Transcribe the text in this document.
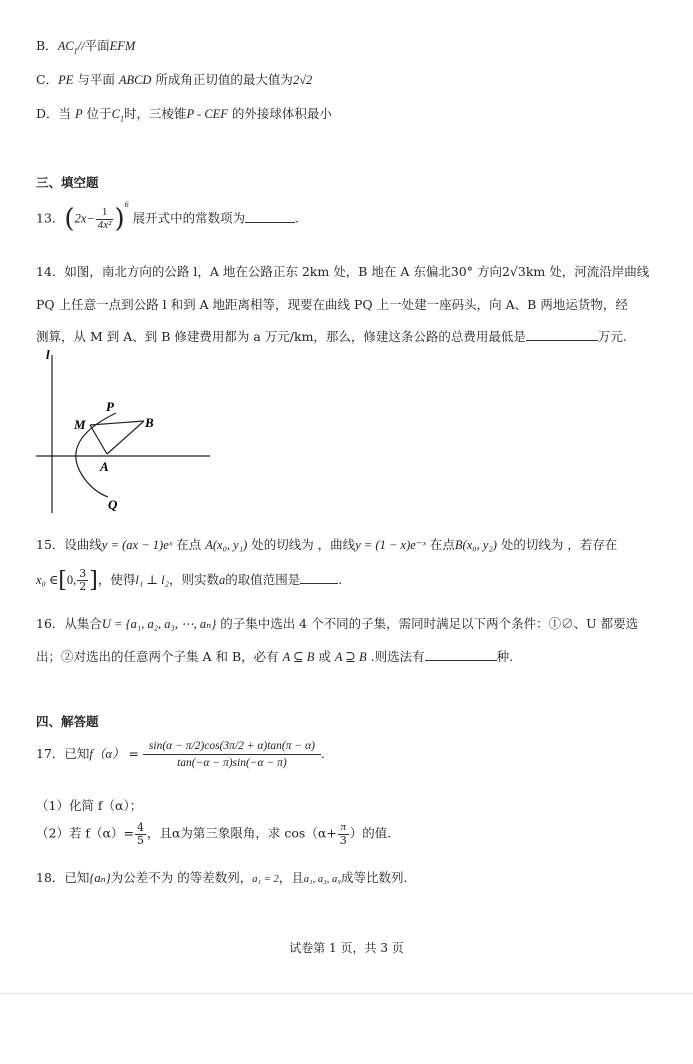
B．$AC_1//$平面EFM
C．PE 与平面 ABCD 所成角正切值的最大值为2√2
D．当 P 位于$C_1$时，三棱锥P - CEF 的外接球体积最小
三、填空题
13．$(2x- \frac{1}{\text{4x²}} )^6$ 展开式中的常数项为	.
14．如图，南北方向的公路 l，A 地在公路正东 2km 处，B 地在 A 东偏北30° 方向2√3km 处，河流沿岸曲线
PQ 上任意一点到公路 l 和到 A 地距离相等，现要在曲线 PQ 上一处建一座码头，向 A、B 两地运货物，经
测算，从 M 到 A、到 B 修建费用都为 a 万元/km，那么，修建这条公路的总费用最低是	万元.
l
P
M	B
A
Q
15．设曲线y = (ax − 1)eˣ 在点 A(x₀, y₁) 处的切线为 ，曲线y = (1 − x)e⁻ˣ 在点B(x₀, y₂) 处的切线为 ，若存在
x₀ ∈[0, $\frac{3}{2}$ ]，使得l₁ ⊥ l₂，则实数a的取值范围是	.
16．从集合U = {a₁, a₂, a₃, ⋯, aₙ} 的子集中选出 4 个不同的子集，需同时满足以下两个条件：①∅、U 都要选
出；②对选出的任意两个子集 A 和 B，必有 A ⊆ B 或 A ⊇ B .则选法有	种.
四、解答题
17．已知$f(\alpha) = \frac{\sin(\alpha - \pi/2)\cos(3\pi/2 + \alpha)\tan(\pi - \alpha)}{\tan(-\alpha - \pi)\sin(-\alpha - \pi)}$ .
（1）化简 f（α）；
（2）若 $f(\alpha)= \frac{4}{5}$ ，且α为第三象限角，求 $\cos(\alpha+ \frac{\pi}{3}$ ）的值.
18．已知{aₙ}为公差不为 的等差数列，a₁ = 2，且a₁, a₃, a₉成等比数列.
试卷第 1 页，共 3 页
